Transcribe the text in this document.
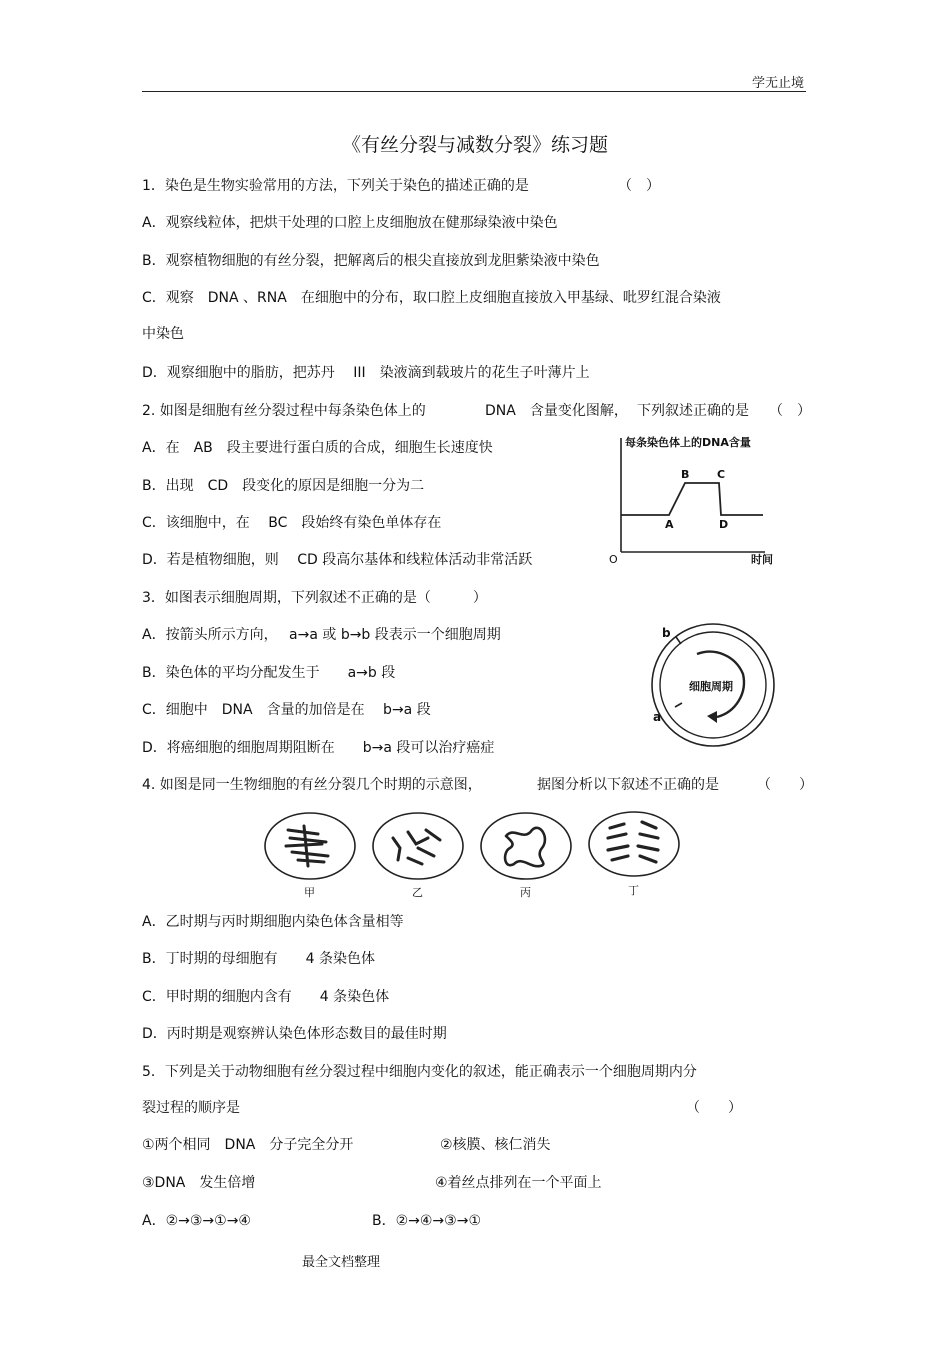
学无止境
《有丝分裂与减数分裂》练习题
1．染色是生物实验常用的方法，下列关于染色的描述正确的是	（　）
A．观察线粒体，把烘干处理的口腔上皮细胞放在健那绿染液中染色
B．观察植物细胞的有丝分裂，把解离后的根尖直接放到龙胆紫染液中染色
C．观察　DNA 、RNA　在细胞中的分布，取口腔上皮细胞直接放入甲基绿、吡罗红混合染液
中染色
D．观察细胞中的脂肪，把苏丹　 III　染液滴到载玻片的花生子叶薄片上
2. 如图是细胞有丝分裂过程中每条染色体上的	DNA　含量变化图解， 下列叙述正确的是 （　）
A．在　AB　段主要进行蛋白质的合成，细胞生长速度快
B．出现　CD　段变化的原因是细胞一分为二
C．该细胞中，在　 BC　段始终有染色单体存在
D．若是植物细胞，则　 CD 段高尔基体和线粒体活动非常活跃
每条染色体上的DNA含量
时间
O
A
B	C
D
3．如图表示细胞周期，下列叙述不正确的是（　　　）
A．按箭头所示方向，　 a→a 或 b→b 段表示一个细胞周期
B．染色体的平均分配发生于　　a→b 段
C．细胞中　DNA　含量的加倍是在　 b→a 段
D．将癌细胞的细胞周期阻断在　　b→a 段可以治疗癌症
细胞周期
b
a
4. 如图是同一生物细胞的有丝分裂几个时期的示意图，	据图分析以下叙述不正确的是	（　　）
甲	乙	丙	丁
A．乙时期与丙时期细胞内染色体含量相等
B．丁时期的母细胞有　　4 条染色体
C．甲时期的细胞内含有　　4 条染色体
D．丙时期是观察辨认染色体形态数目的最佳时期
5．下列是关于动物细胞有丝分裂过程中细胞内变化的叙述，能正确表示一个细胞周期内分
裂过程的顺序是	（　　）
①两个相同　DNA　分子完全分开	②核膜、核仁消失
③DNA　发生倍增	④着丝点排列在一个平面上
A．②→③→①→④	B．②→④→③→①
最全文档整理
